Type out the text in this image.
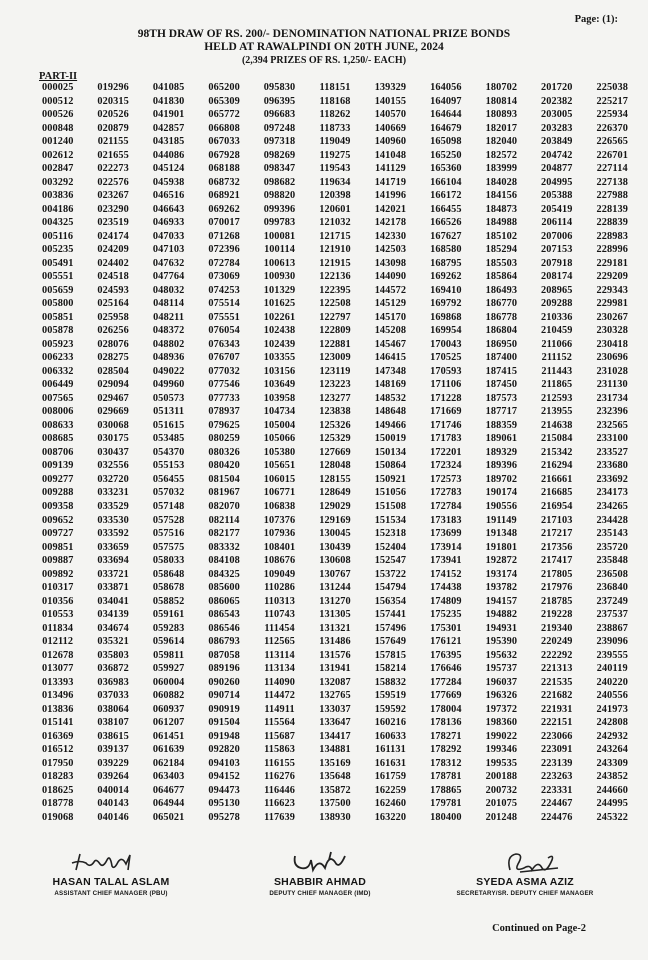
Page: (1):
98TH DRAW OF RS. 200/- DENOMINATION NATIONAL PRIZE BONDS
HELD AT RAWALPINDI ON 20TH JUNE, 2024
(2,394 PRIZES OF RS. 1,250/- EACH)
PART-II
000025
000512
000526
000848
001240
002612
002847
003292
003836
004186
004325
005116
005235
005491
005551
005659
005800
005851
005878
005923
006233
006332
006449
007565
008006
008633
008685
008706
009139
009277
009288
009358
009652
009727
009851
009887
009892
010317
010356
010553
011834
012112
012678
013077
013393
013496
013836
015141
016369
016512
017950
018283
018625
018778
019068
019296
020315
020526
020879
021155
021655
022273
022576
023267
023290
023519
024174
024209
024402
024518
024593
025164
025958
026256
028076
028275
028504
029094
029467
029669
030068
030175
030437
032556
032720
033231
033529
033530
033592
033659
033694
033721
033871
034041
034139
034674
035321
035803
036872
036983
037033
038064
038107
038615
039137
039229
039264
040014
040143
040146
041085
041830
041901
042857
043185
044086
045124
045938
046516
046643
046933
047033
047103
047632
047764
048032
048114
048211
048372
048802
048936
049022
049960
050573
051311
051615
053485
054370
055153
056455
057032
057148
057528
057516
057575
058033
058648
058678
058852
059161
059283
059614
059811
059927
060004
060882
060937
061207
061451
061639
062184
063403
064677
064944
065021
065200
065309
065772
066808
067033
067928
068188
068732
068921
069262
070017
071268
072396
072784
073069
074253
075514
075551
076054
076343
076707
077032
077546
077733
078937
079625
080259
080326
080420
081504
081967
082070
082114
082177
083332
084108
084325
085600
086065
086543
086546
086793
087058
089196
090260
090714
090919
091504
091948
092820
094103
094152
094473
095130
095278
095830
096395
096683
097248
097318
098269
098347
098682
098820
099396
099783
100081
100114
100613
100930
101329
101625
102261
102438
102439
103355
103156
103649
103958
104734
105004
105066
105380
105651
106015
106771
106838
107376
107936
108401
108676
109049
110286
110313
110743
111454
112565
113114
113134
114090
114472
114911
115564
115687
115863
116155
116276
116446
116623
117639
118151
118168
118262
118733
119049
119275
119543
119634
120398
120601
121032
121715
121910
121915
122136
122395
122508
122797
122809
122881
123009
123119
123223
123277
123838
125326
125329
127669
128048
128155
128649
129029
129169
130045
130439
130608
130767
131244
131270
131305
131321
131486
131576
131941
132087
132765
133037
133647
134417
134881
135169
135648
135872
137500
138930
139329
140155
140570
140669
140960
141048
141129
141719
141996
142021
142178
142330
142503
143098
144090
144572
145129
145170
145208
145467
146415
147348
148169
148532
148648
149466
150019
150134
150864
150921
151056
151508
151534
152318
152404
152547
153722
154794
156354
157441
157496
157649
157815
158214
158832
159519
159592
160216
160633
161131
161631
161759
162259
162460
163220
164056
164097
164644
164679
165098
165250
165360
166104
166172
166455
166526
167627
168580
168795
169262
169410
169792
169868
169954
170043
170525
170593
171106
171228
171669
171746
171783
172201
172324
172573
172783
172784
173183
173699
173914
173941
174152
174438
174809
175235
175301
176121
176395
176646
177284
177669
178004
178136
178271
178292
178312
178781
178865
179781
180400
180702
180814
180893
182017
182040
182572
183999
184028
184156
184873
184988
185102
185294
185503
185864
186493
186770
186778
186804
186950
187400
187415
187450
187573
187717
188359
189061
189329
189396
189702
190174
190556
191149
191348
191801
192872
193174
193782
194157
194882
194931
195390
195632
195737
196037
196326
197372
198360
199022
199346
199535
200188
200732
201075
201248
201720
202382
203005
203283
203849
204742
204877
204995
205388
205419
206114
207006
207153
207918
208174
208965
209288
210336
210459
211066
211152
211443
211865
212593
213955
214638
215084
215342
216294
216661
216685
216954
217103
217217
217356
217417
217805
217976
218785
219228
219340
220249
222292
221313
221535
221682
221931
222151
223066
223091
223139
223263
223331
224467
224476
225038
225217
225934
226370
226565
226701
227114
227138
227988
228139
228839
228983
228996
229181
229209
229343
229981
230267
230328
230418
230696
231028
231130
231734
232396
232565
233100
233527
233680
233692
234173
234265
234428
235143
235720
235848
236508
236840
237249
237537
238867
239096
239555
240119
240220
240556
241973
242808
242932
243264
243309
243852
244660
244995
245322
HASAN TALAL ASLAM
ASSISTANT CHIEF MANAGER (PBU)
SHABBIR AHMAD
DEPUTY CHIEF MANAGER (IMD)
SYEDA ASMA AZIZ
SECRETARY/SR. DEPUTY CHIEF MANAGER
Continued on Page-2
